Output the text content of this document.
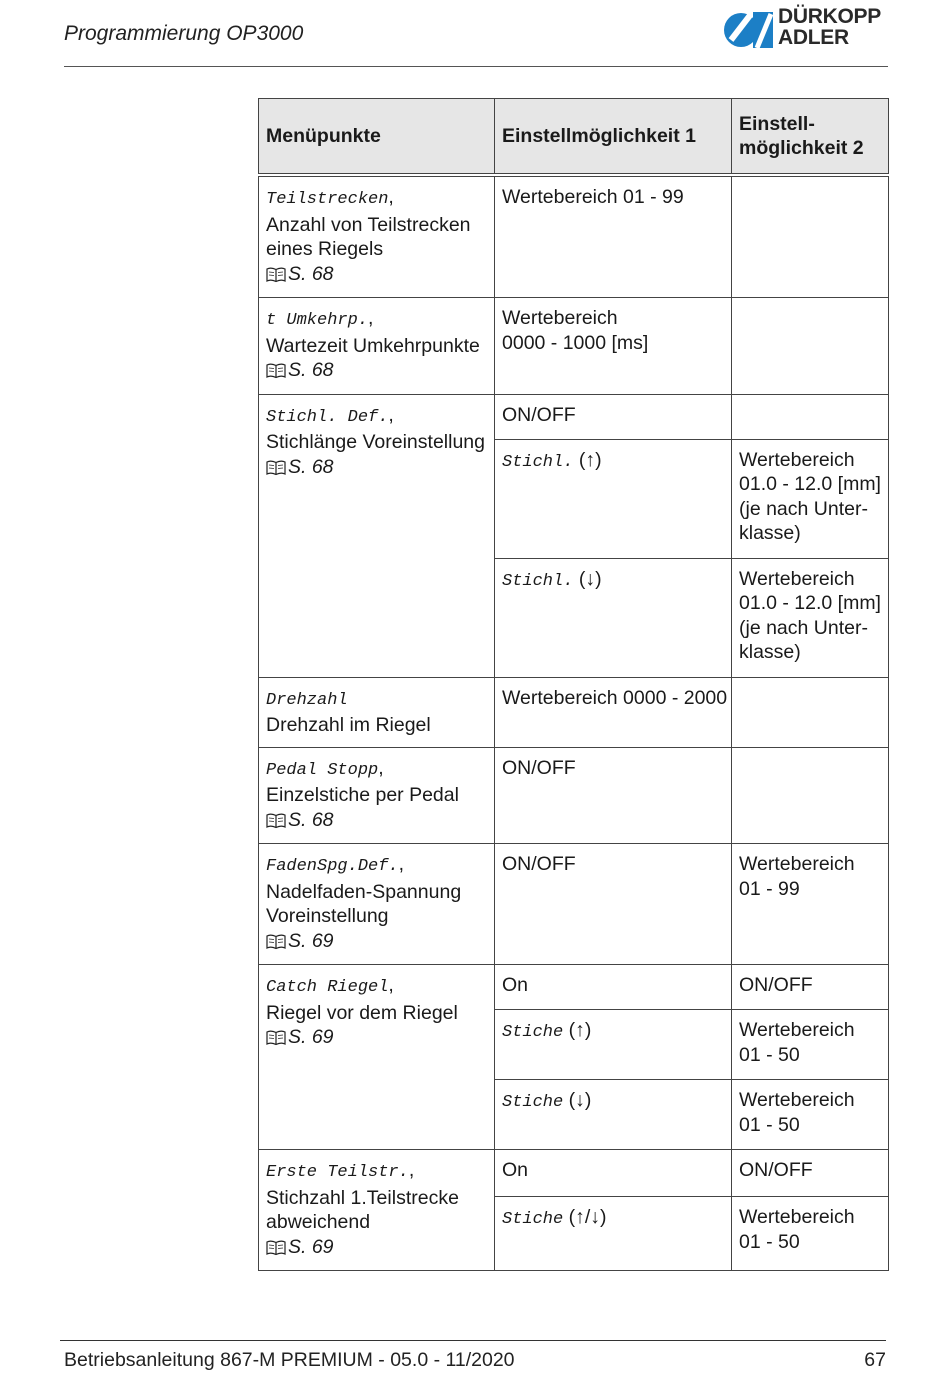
Programmierung OP3000
DÜRKOPP
ADLER
Menüpunkte	Einstellmöglichkeit 1	Einstell-
möglichkeit 2
Teilstrecken,
Anzahl von Teilstrecken eines Riegels
S. 68	Wertebereich 01 - 99	
t Umkehrp.,
Wartezeit Umkehrpunkte
S. 68	Wertebereich
0000 - 1000 [ms]	
Stichl. Def.,
Stichlänge Voreinstellung
S. 68	ON/OFF	
	Stichl. (↑)	Wertebereich 01.0 - 12.0 [mm] (je nach Unter-klasse)
	Stichl. (↓)	Wertebereich 01.0 - 12.0 [mm] (je nach Unter-klasse)
Drehzahl
Drehzahl im Riegel	Wertebereich 0000 - 2000	
Pedal Stopp,
Einzelstiche per Pedal
S. 68	ON/OFF	
FadenSpg.Def.,
Nadelfaden-Spannung Voreinstellung
S. 69	ON/OFF	Wertebereich
01 - 99
Catch Riegel,
Riegel vor dem Riegel
S. 69	On	ON/OFF
	Stiche (↑)	Wertebereich
01 - 50
	Stiche (↓)	Wertebereich
01 - 50
Erste Teilstr.,
Stichzahl 1.Teilstrecke abweichend
S. 69	On	ON/OFF
	Stiche (↑/↓)	Wertebereich
01 - 50
Betriebsanleitung 867-M PREMIUM - 05.0 - 11/2020	67
